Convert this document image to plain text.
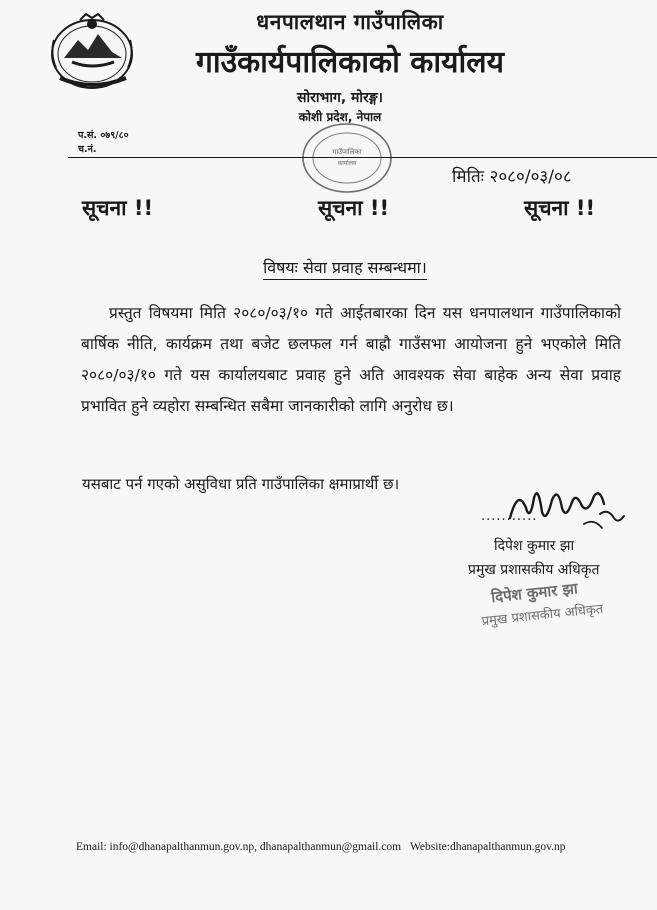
धनपालथान गाउँपालिका
गाउँकार्यपालिकाको कार्यालय
सोराभाग, मोरङ्ग।
कोशी प्रदेश, नेपाल
प.सं. ०७९/८०
च.नं.	गाउँपालिका
कार्यालय
मितिः २०८०/०३/०८
सूचना !!	सूचना !!	सूचना !!
विषयः सेवा प्रवाह सम्बन्धमा।

प्रस्तुत विषयमा मिति २०८०/०३/१० गते आईतबारका दिन यस धनपालथान गाउँपालिकाको बार्षिक नीति, कार्यक्रम तथा बजेट छलफल गर्न बाह्रौ गाउँसभा आयोजना हुने भएकोले मिति २०८०/०३/१० गते यस कार्यालयबाट प्रवाह हुने अति आवश्यक सेवा बाहेक अन्य सेवा प्रवाह प्रभावित हुने व्यहोरा सम्बन्धित सबैमा जानकारीको लागि अनुरोध छ।

यसबाट पर्न गएको असुविधा प्रति गाउँपालिका क्षमाप्रार्थी छ।
...........
दिपेश कुमार झा
प्रमुख प्रशासकीय अधिकृत
दिपेश कुमार झा
प्रमुख प्रशासकीय अधिकृत
Email: info@dhanapalthanmun.gov.np, dhanapalthanmun@gmail.com Website:dhanapalthanmun.gov.np
